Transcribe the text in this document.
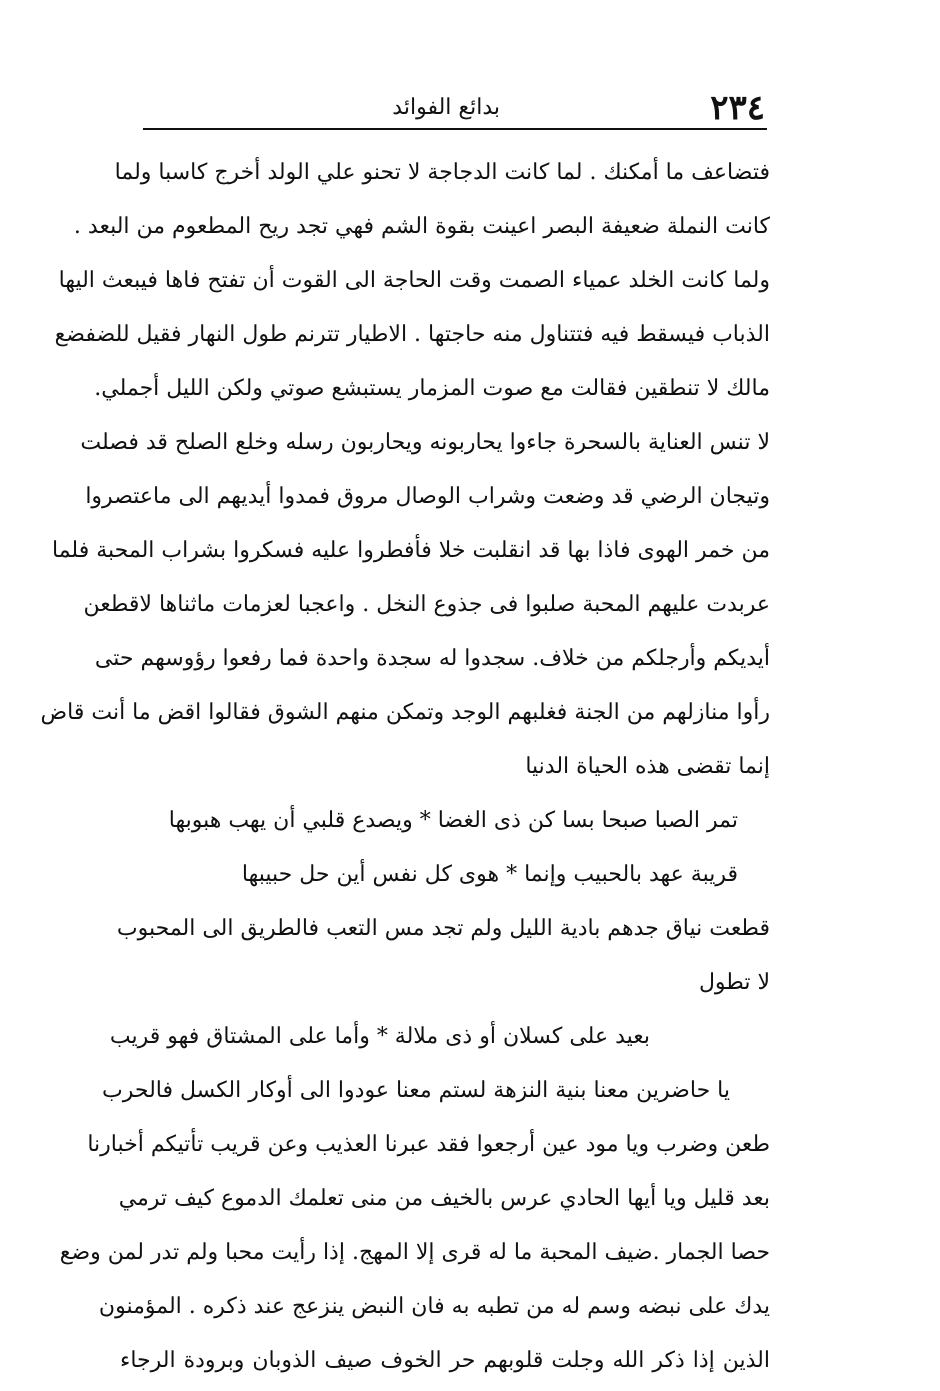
٢٣٤
بدائع الفوائد
فتضاعف ما أمكنك . لما كانت الدجاجة لا تحنو علي الولد أخرج كاسبا ولما
كانت النملة ضعيفة البصر اعينت بقوة الشم فهي تجد ريح المطعوم من البعد .
ولما كانت الخلد عمياء الصمت وقت الحاجة الى القوت أن تفتح فاها فيبعث اليها
الذباب فيسقط فيه فتتناول منه حاجتها . الاطيار تترنم طول النهار فقيل للضفضع
مالك لا تنطقين فقالت مع صوت المزمار يستبشع صوتي ولكن الليل أجملي.
لا تنس العناية بالسحرة جاءوا يحاربونه ويحاربون رسله وخلع الصلح قد فصلت
وتيجان الرضي قد وضعت وشراب الوصال مروق فمدوا أيديهم الى ماعتصروا
من خمر الهوى فاذا بها قد انقلبت خلا فأفطروا عليه فسكروا بشراب المحبة فلما
عربدت عليهم المحبة صلبوا فى جذوع النخل . واعجبا لعزمات ماثناها لاقطعن
أيديكم وأرجلكم من خلاف. سجدوا له سجدة واحدة فما رفعوا رؤوسهم حتى
رأوا منازلهم من الجنة فغلبهم الوجد وتمكن منهم الشوق فقالوا اقض ما أنت قاض
إنما تقضى هذه الحياة الدنيا
تمر الصبا صبحا بسا كن ذى الغضا * ويصدع قلبي أن يهب هبوبها
قريبة عهد بالحبيب وإنما * هوى كل نفس أين حل حبيبها
قطعت نياق جدهم بادية الليل ولم تجد مس التعب فالطريق الى المحبوب
لا تطول
بعيد على كسلان أو ذى ملالة * وأما على المشتاق فهو قريب
يا حاضرين معنا بنية النزهة لستم معنا عودوا الى أوكار الكسل فالحرب
طعن وضرب ويا مود عين أرجعوا فقد عبرنا العذيب وعن قريب تأتيكم أخبارنا
بعد قليل ويا أيها الحادي عرس بالخيف من منى تعلمك الدموع كيف ترمي
حصا الجمار .ضيف المحبة ما له قرى إلا المهج. إذا رأيت محبا ولم تدر لمن وضع
يدك على نبضه وسم له من تطبه به فان النبض ينزعج عند ذكره . المؤمنون
الذين إذا ذكر الله وجلت قلوبهم حر الخوف صيف الذوبان وبرودة الرجاء
